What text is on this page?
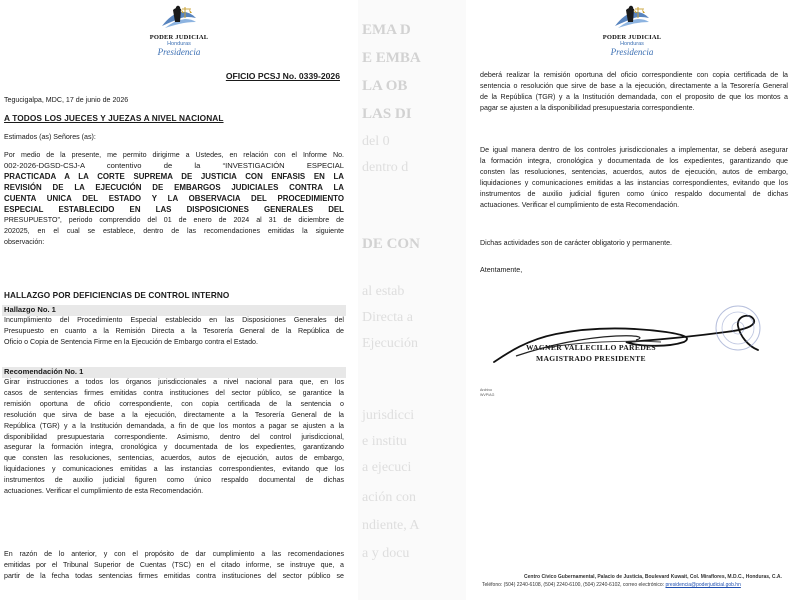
PODER JUDICIAL
Honduras
Presidencia
OFICIO PCSJ No. 0339-2026
Tegucigalpa, MDC, 17 de junio de 2026
A TODOS LOS JUECES Y JUEZAS A NIVEL NACIONAL
Estimados (as) Señores (as):
Por medio de la presente, me permito dirigirme a Ustedes, en relación con el Informe No.
002-2026-DGSD-CSJ-A contentivo de la “INVESTIGACIÓN ESPECIAL
PRACTICADA A LA CORTE SUPREMA DE JUSTICIA CON ENFASIS EN LA
REVISIÓN DE LA EJECUCIÓN DE EMBARGOS JUDICIALES CONTRA LA
CUENTA UNICA DEL ESTADO Y LA OBSERVACIA DEL PROCEDIMIENTO
ESPECIAL ESTABLECIDO EN LAS DISPOSICIONES GENERALES DEL
PRESUPUESTO”, periodo comprendido del 01 de enero de 2024 al 31 de diciembre de
202025, en el cual se establece, dentro de las recomendaciones emitidas la siguiente
observación:
HALLAZGO POR DEFICIENCIAS DE CONTROL INTERNO
Hallazgo No. 1
Incumplimiento del Procedimiento Especial establecido en las Disposiciones Generales del
Presupuesto en cuanto a la Remisión Directa a la Tesorería General de la República de
Oficio o Copia de Sentencia Firme en la Ejecución de Embargo contra el Estado.
Recomendación No. 1
Girar instrucciones a todos los órganos jurisdiccionales a nivel nacional para que, en los
casos de sentencias firmes emitidas contra instituciones del sector público, se garantice la
remisión oportuna de oficio correspondiente, con copia certificada de la sentencia o
resolución que sirva de base a la ejecución, directamente a la Tesorería General de la
República (TGR) y a la Institución demandada, a fin de que los montos a pagar se ajusten a la
disponibilidad presupuestaria correspondiente. Asimismo, dentro del control jurisdiccional,
asegurar la formación integra, cronológica y documentada de los expedientes, garantizando
que consten las resoluciones, sentencias, acuerdos, autos de ejecución, autos de embargo,
liquidaciones y comunicaciones emitidas a las instancias correspondientes, evitando que los
instrumentos de auxilio judicial figuren como único respaldo documental de dichas
actuaciones. Verificar el cumplimiento de esta Recomendación.
En razón de lo anterior, y con el propósito de dar cumplimiento a las recomendaciones
emitidas por el Tribunal Superior de Cuentas (TSC) en el citado informe, se instruye que, a
partir de la fecha todas sentencias firmes emitidas contra instituciones del sector público se
EMA D
E EMBA
LA OB
LAS DI
del 0
dentro d
DE CON
al estab
Directa a
Ejecución
jurisdicci
e institu
a ejecuci
ación con
ndiente, A
a y docu
PODER JUDICIAL
Honduras
Presidencia
deberá realizar la remisión oportuna del oficio correspondiente con copia certificada de la
sentencia o resolución que sirve de base a la ejecución, directamente a la Tesorería General
de la República (TGR) y a la Institución demandada, con el proposito de que los montos a
pagar se ajusten a la disponibilidad presupuestaria correspondiente.
De igual manera dentro de los controles jurisdiccionales a implementar, se deberá asegurar
la formación integra, cronológica y documentada de los expedientes, garantizando que
consten las resoluciones, sentencias, acuerdos, autos de ejecución, autos de embargo,
liquidaciones y comunicaciones emitidas a las instancias correspondientes, evitando que los
instrumentos de auxilio judicial figuren como único respaldo documental de dichas
actuaciones. Verificar el cumplimiento de esta Recomendación.
Dichas actividades son de carácter obligatorio y permanente.
Atentamente,
WAGNER VALLECILLO PAREDES
MAGISTRADO PRESIDENTE
Archivo
WVP/AG
Centro Cívico Gubernamental, Palacio de Justicia, Boulevard Kuwait, Col. Miraflores, M.D.C., Honduras, C.A.
Teléfono: (504) 2240-6108, (504) 2240-6100, (504) 2240-6102, correo electrónico: presidencia@poderjudicial.gob.hn
